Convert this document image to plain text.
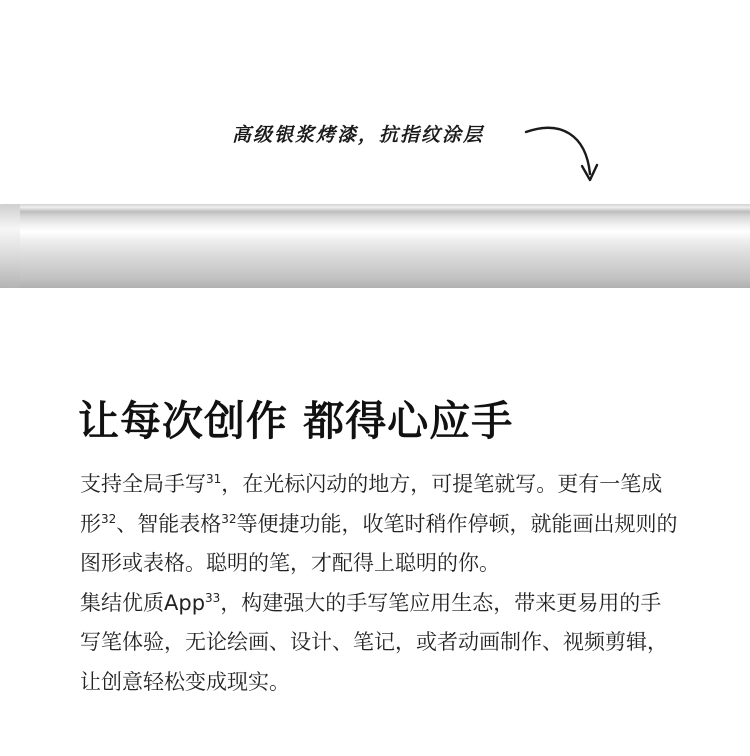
高级银浆烤漆，抗指纹涂层
让每次创作 都得心应手

支持全局手写$^{31}$，在光标闪动的地方，可提笔就写。更有一笔成形$^{32}$、智能表格$^{32}$等便捷功能，收笔时稍作停顿，就能画出规则的图形或表格。聪明的笔，才配得上聪明的你。

集结优质App$^{33}$，构建强大的手写笔应用生态，带来更易用的手写笔体验，无论绘画、设计、笔记，或者动画制作、视频剪辑，让创意轻松变成现实。
